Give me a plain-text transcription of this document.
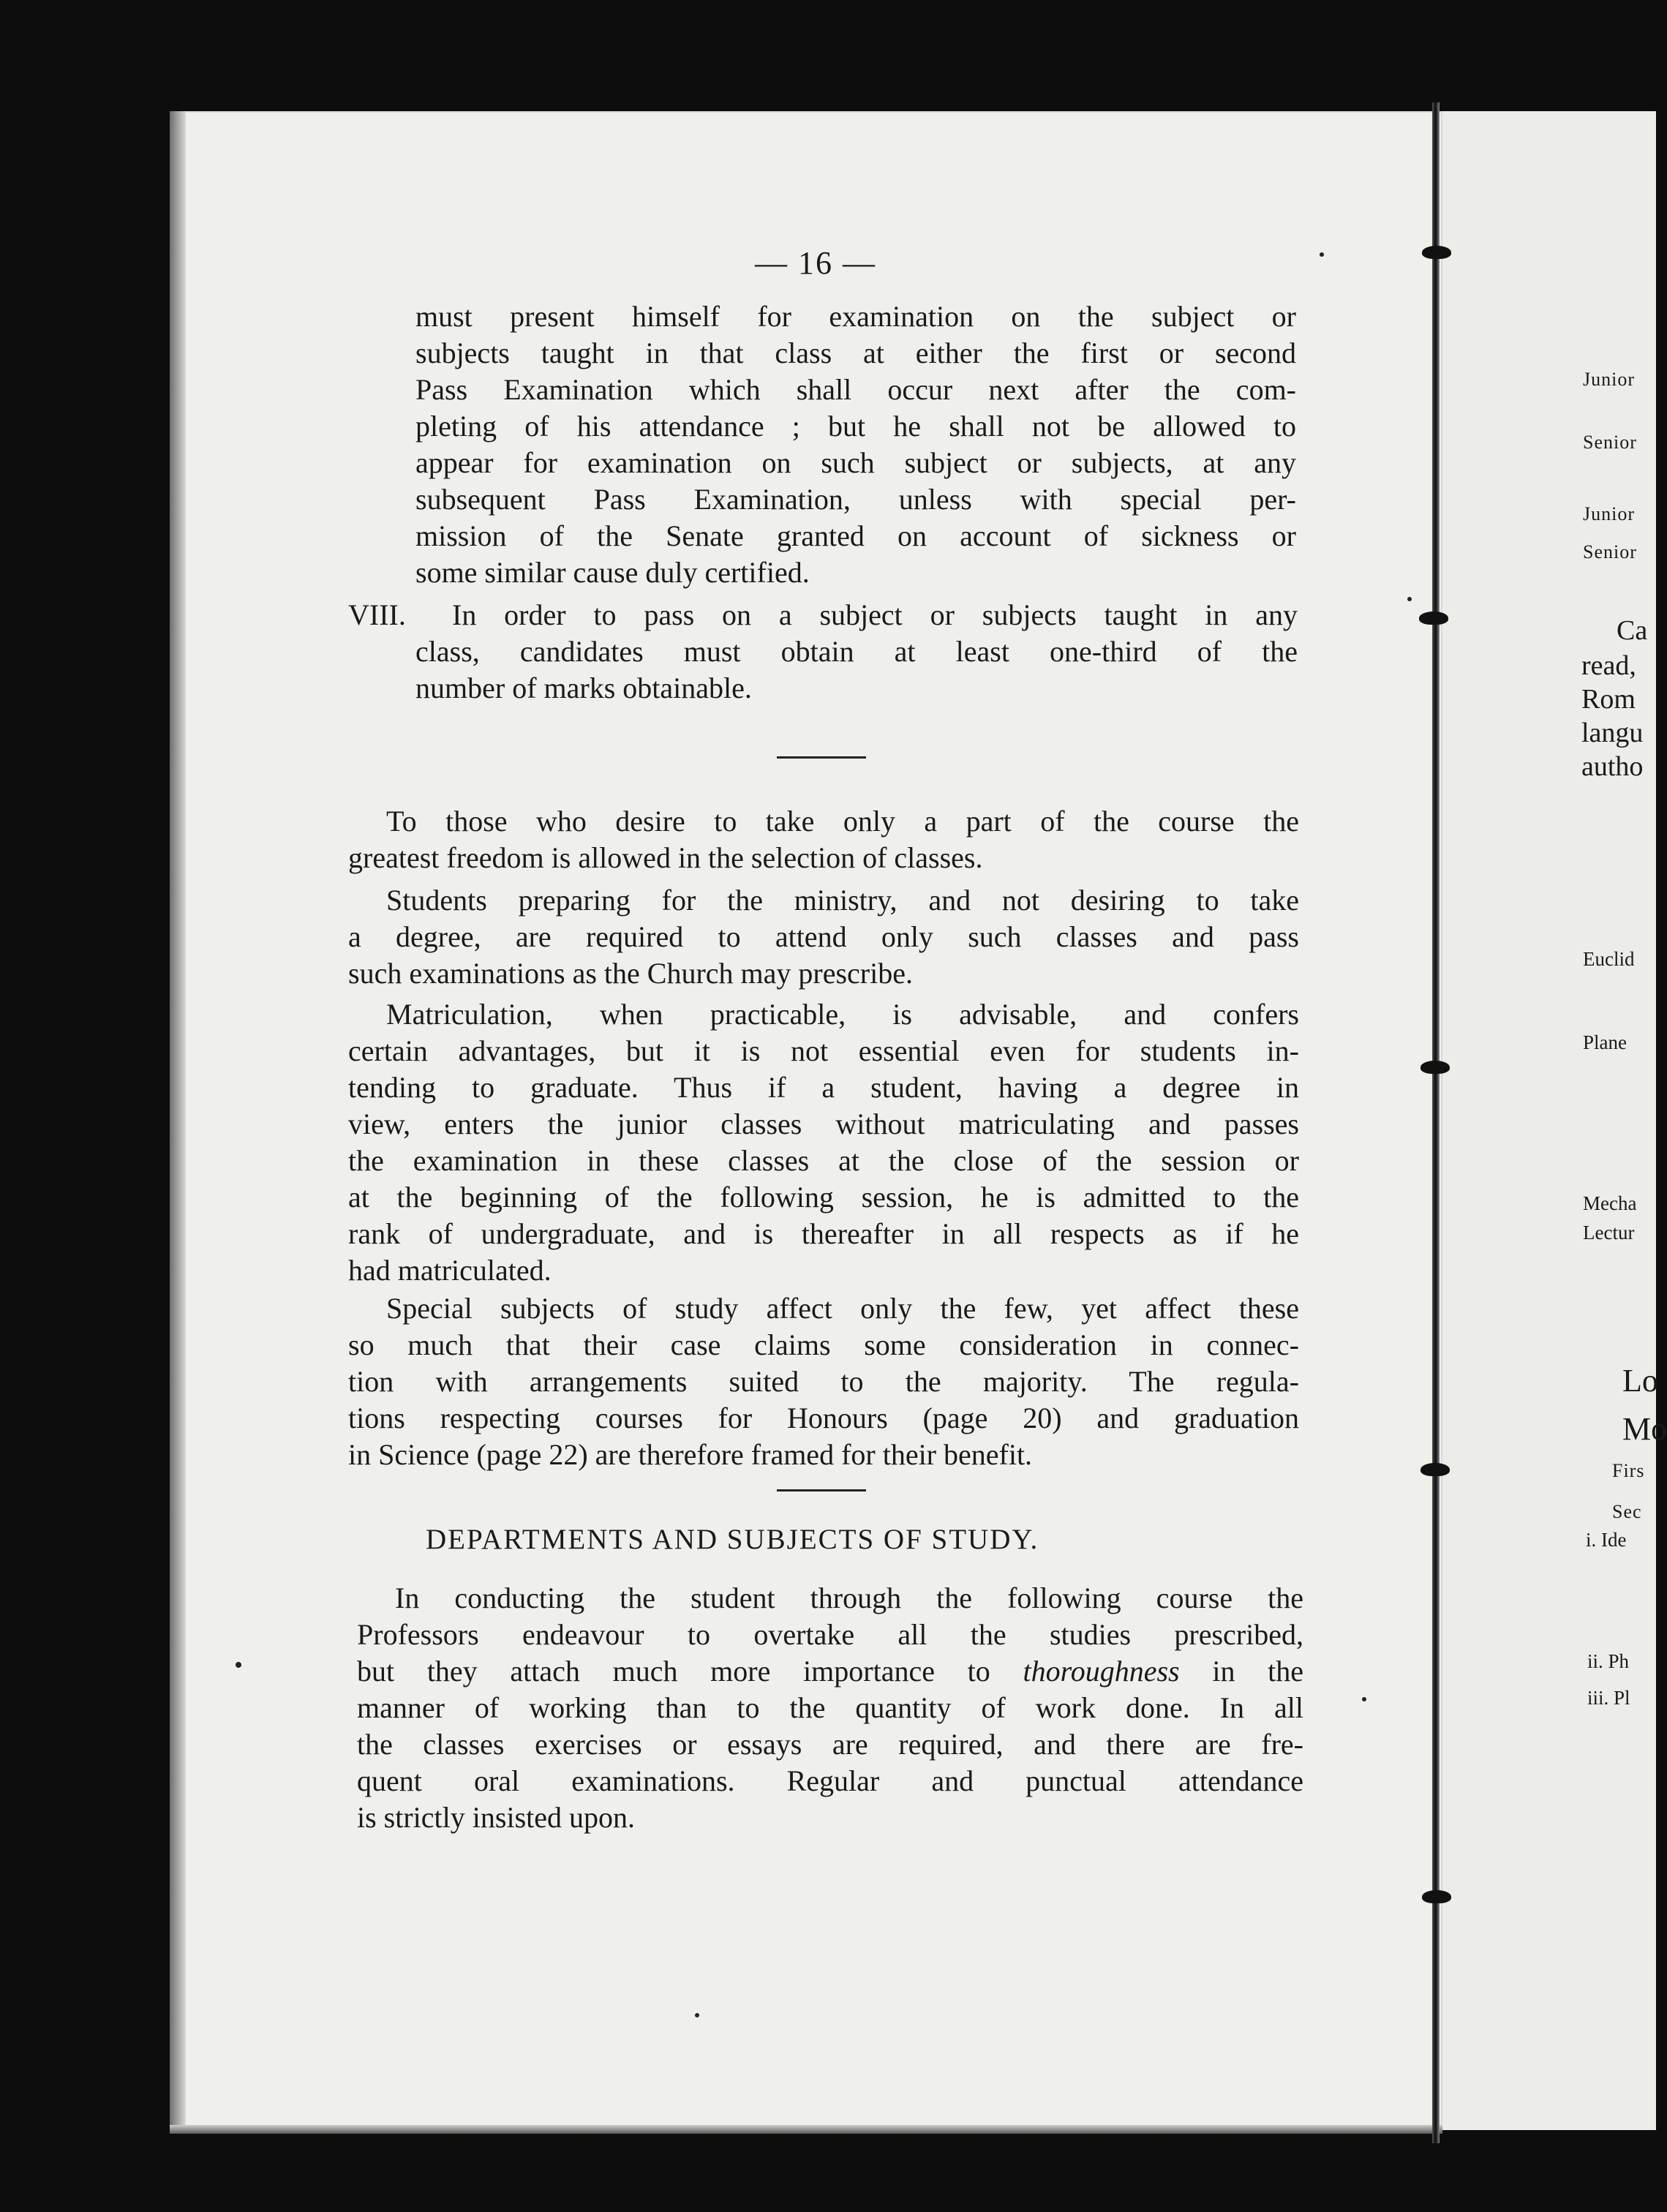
— 16 —
must present himself for examination on the subject or
subjects taught in that class at either the first or second
Pass Examination which shall occur next after the com-
pleting of his attendance ; but he shall not be allowed to
appear for examination on such subject or subjects, at any
subsequent Pass Examination, unless with special per-
mission of the Senate granted on account of sickness or
some similar cause duly certified.
VIII. In order to pass on a subject or subjects taught in any
class, candidates must obtain at least one-third of the
number of marks obtainable.
To those who desire to take only a part of the course the
greatest freedom is allowed in the selection of classes.
Students preparing for the ministry, and not desiring to take
a degree, are required to attend only such classes and pass
such examinations as the Church may prescribe.
Matriculation, when practicable, is advisable, and confers
certain advantages, but it is not essential even for students in-
tending to graduate. Thus if a student, having a degree in
view, enters the junior classes without matriculating and passes
the examination in these classes at the close of the session or
at the beginning of the following session, he is admitted to the
rank of undergraduate, and is thereafter in all respects as if he
had matriculated.
Special subjects of study affect only the few, yet affect these
so much that their case claims some consideration in connec-
tion with arrangements suited to the majority. The regula-
tions respecting courses for Honours (page 20) and graduation
in Science (page 22) are therefore framed for their benefit.
DEPARTMENTS AND SUBJECTS OF STUDY.
In conducting the student through the following course the
Professors endeavour to overtake all the studies prescribed,
but they attach much more importance to thoroughness in the
manner of working than to the quantity of work done. In all
the classes exercises or essays are required, and there are fre-
quent oral examinations. Regular and punctual attendance
is strictly insisted upon.
Junior
Senior
Junior
Senior
Ca
read,
Rom
langu
autho
Euclid
Plane
Mecha
Lectur
Lo
Mo
Firs
Sec
i. Ide
ii. Ph
iii. Pl
